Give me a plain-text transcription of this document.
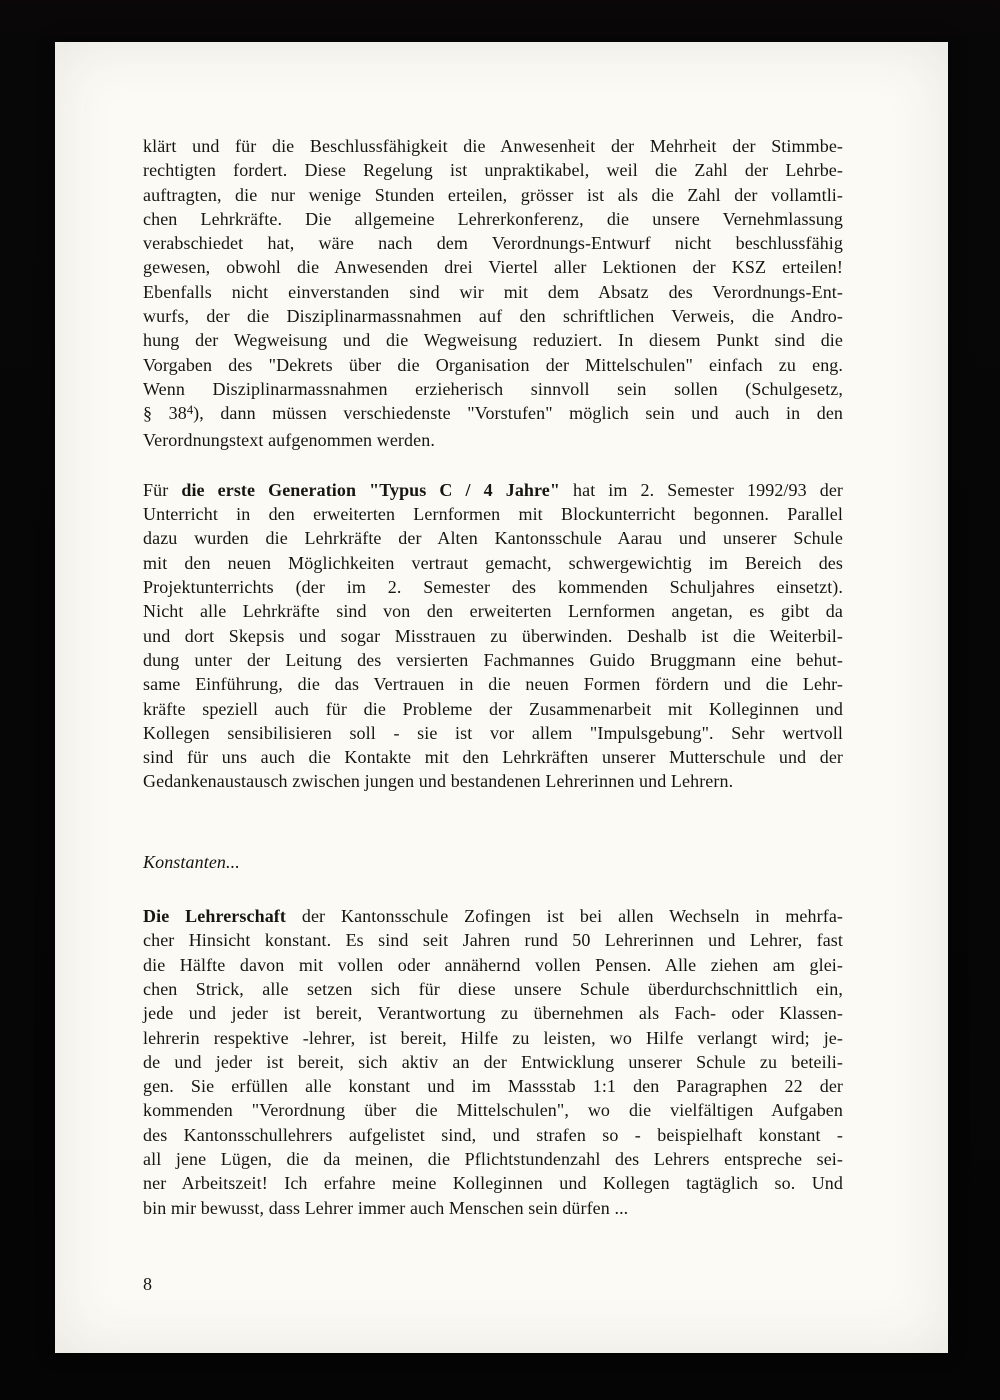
klärt und für die Beschlussfähigkeit die Anwesenheit der Mehrheit der Stimmbe-
rechtigten fordert. Diese Regelung ist unpraktikabel, weil die Zahl der Lehrbe-
auftragten, die nur wenige Stunden erteilen, grösser ist als die Zahl der vollamtli-
chen Lehrkräfte. Die allgemeine Lehrerkonferenz, die unsere Vernehmlassung
verabschiedet hat, wäre nach dem Verordnungs-Entwurf nicht beschlussfähig
gewesen, obwohl die Anwesenden drei Viertel aller Lektionen der KSZ erteilen!
Ebenfalls nicht einverstanden sind wir mit dem Absatz des Verordnungs-Ent-
wurfs, der die Disziplinarmassnahmen auf den schriftlichen Verweis, die Andro-
hung der Wegweisung und die Wegweisung reduziert. In diesem Punkt sind die
Vorgaben des "Dekrets über die Organisation der Mittelschulen" einfach zu eng.
Wenn Disziplinarmassnahmen erzieherisch sinnvoll sein sollen (Schulgesetz,
§ $38^4$), dann müssen verschiedenste "Vorstufen" möglich sein und auch in den
Verordnungstext aufgenommen werden.
Für die erste Generation "Typus C / 4 Jahre" hat im 2. Semester 1992/93 der
Unterricht in den erweiterten Lernformen mit Blockunterricht begonnen. Parallel
dazu wurden die Lehrkräfte der Alten Kantonsschule Aarau und unserer Schule
mit den neuen Möglichkeiten vertraut gemacht, schwergewichtig im Bereich des
Projektunterrichts (der im 2. Semester des kommenden Schuljahres einsetzt).
Nicht alle Lehrkräfte sind von den erweiterten Lernformen angetan, es gibt da
und dort Skepsis und sogar Misstrauen zu überwinden. Deshalb ist die Weiterbil-
dung unter der Leitung des versierten Fachmannes Guido Bruggmann eine behut-
same Einführung, die das Vertrauen in die neuen Formen fördern und die Lehr-
kräfte speziell auch für die Probleme der Zusammenarbeit mit Kolleginnen und
Kollegen sensibilisieren soll - sie ist vor allem "Impulsgebung". Sehr wertvoll
sind für uns auch die Kontakte mit den Lehrkräften unserer Mutterschule und der
Gedankenaustausch zwischen jungen und bestandenen Lehrerinnen und Lehrern.
Konstanten...
Die Lehrerschaft der Kantonsschule Zofingen ist bei allen Wechseln in mehrfa-
cher Hinsicht konstant. Es sind seit Jahren rund 50 Lehrerinnen und Lehrer, fast
die Hälfte davon mit vollen oder annähernd vollen Pensen. Alle ziehen am glei-
chen Strick, alle setzen sich für diese unsere Schule überdurchschnittlich ein,
jede und jeder ist bereit, Verantwortung zu übernehmen als Fach- oder Klassen-
lehrerin respektive -lehrer, ist bereit, Hilfe zu leisten, wo Hilfe verlangt wird; je-
de und jeder ist bereit, sich aktiv an der Entwicklung unserer Schule zu beteili-
gen. Sie erfüllen alle konstant und im Massstab 1:1 den Paragraphen 22 der
kommenden "Verordnung über die Mittelschulen", wo die vielfältigen Aufgaben
des Kantonsschullehrers aufgelistet sind, und strafen so - beispielhaft konstant -
all jene Lügen, die da meinen, die Pflichtstundenzahl des Lehrers entspreche sei-
ner Arbeitszeit! Ich erfahre meine Kolleginnen und Kollegen tagtäglich so. Und
bin mir bewusst, dass Lehrer immer auch Menschen sein dürfen ...
8
